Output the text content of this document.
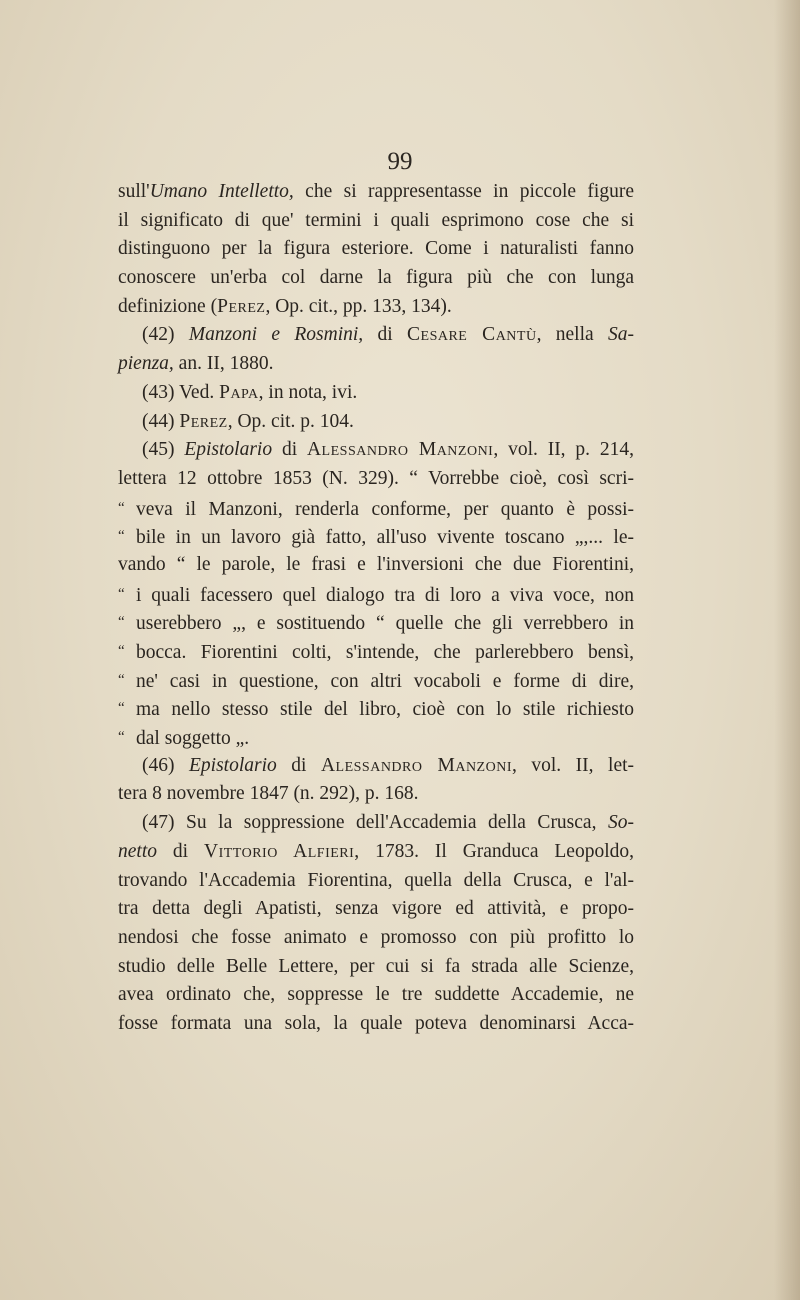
99
sull'Umano Intelletto, che si rappresentasse in piccole figure
il significato di que' termini i quali esprimono cose che si
distinguono per la figura esteriore. Come i naturalisti fanno
conoscere un'erba col darne la figura più che con lunga
definizione (Perez, Op. cit., pp. 133, 134).
(42) Manzoni e Rosmini, di Cesare Cantù, nella Sa-
pienza, an. II, 1880.
(43) Ved. Papa, in nota, ivi.
(44) Perez, Op. cit. p. 104.
(45) Epistolario di Alessandro Manzoni, vol. II, p. 214,
lettera 12 ottobre 1853 (N. 329). “ Vorrebbe cioè, così scri-
“ veva il Manzoni, renderla conforme, per quanto è possi-
“ bile in un lavoro già fatto, all'uso vivente toscano „,... le-
vando “ le parole, le frasi e l'inversioni che due Fiorentini,
“ i quali facessero quel dialogo tra di loro a viva voce, non
“ userebbero „, e sostituendo “ quelle che gli verrebbero in
“ bocca. Fiorentini colti, s'intende, che parlerebbero bensì,
“ ne' casi in questione, con altri vocaboli e forme di dire,
“ ma nello stesso stile del libro, cioè con lo stile richiesto
“ dal soggetto „.
(46) Epistolario di Alessandro Manzoni, vol. II, let-
tera 8 novembre 1847 (n. 292), p. 168.
(47) Su la soppressione dell'Accademia della Crusca, So-
netto di Vittorio Alfieri, 1783. Il Granduca Leopoldo,
trovando l'Accademia Fiorentina, quella della Crusca, e l'al-
tra detta degli Apatisti, senza vigore ed attività, e propo-
nendosi che fosse animato e promosso con più profitto lo
studio delle Belle Lettere, per cui si fa strada alle Scienze,
avea ordinato che, soppresse le tre suddette Accademie, ne
fosse formata una sola, la quale poteva denominarsi Acca-
